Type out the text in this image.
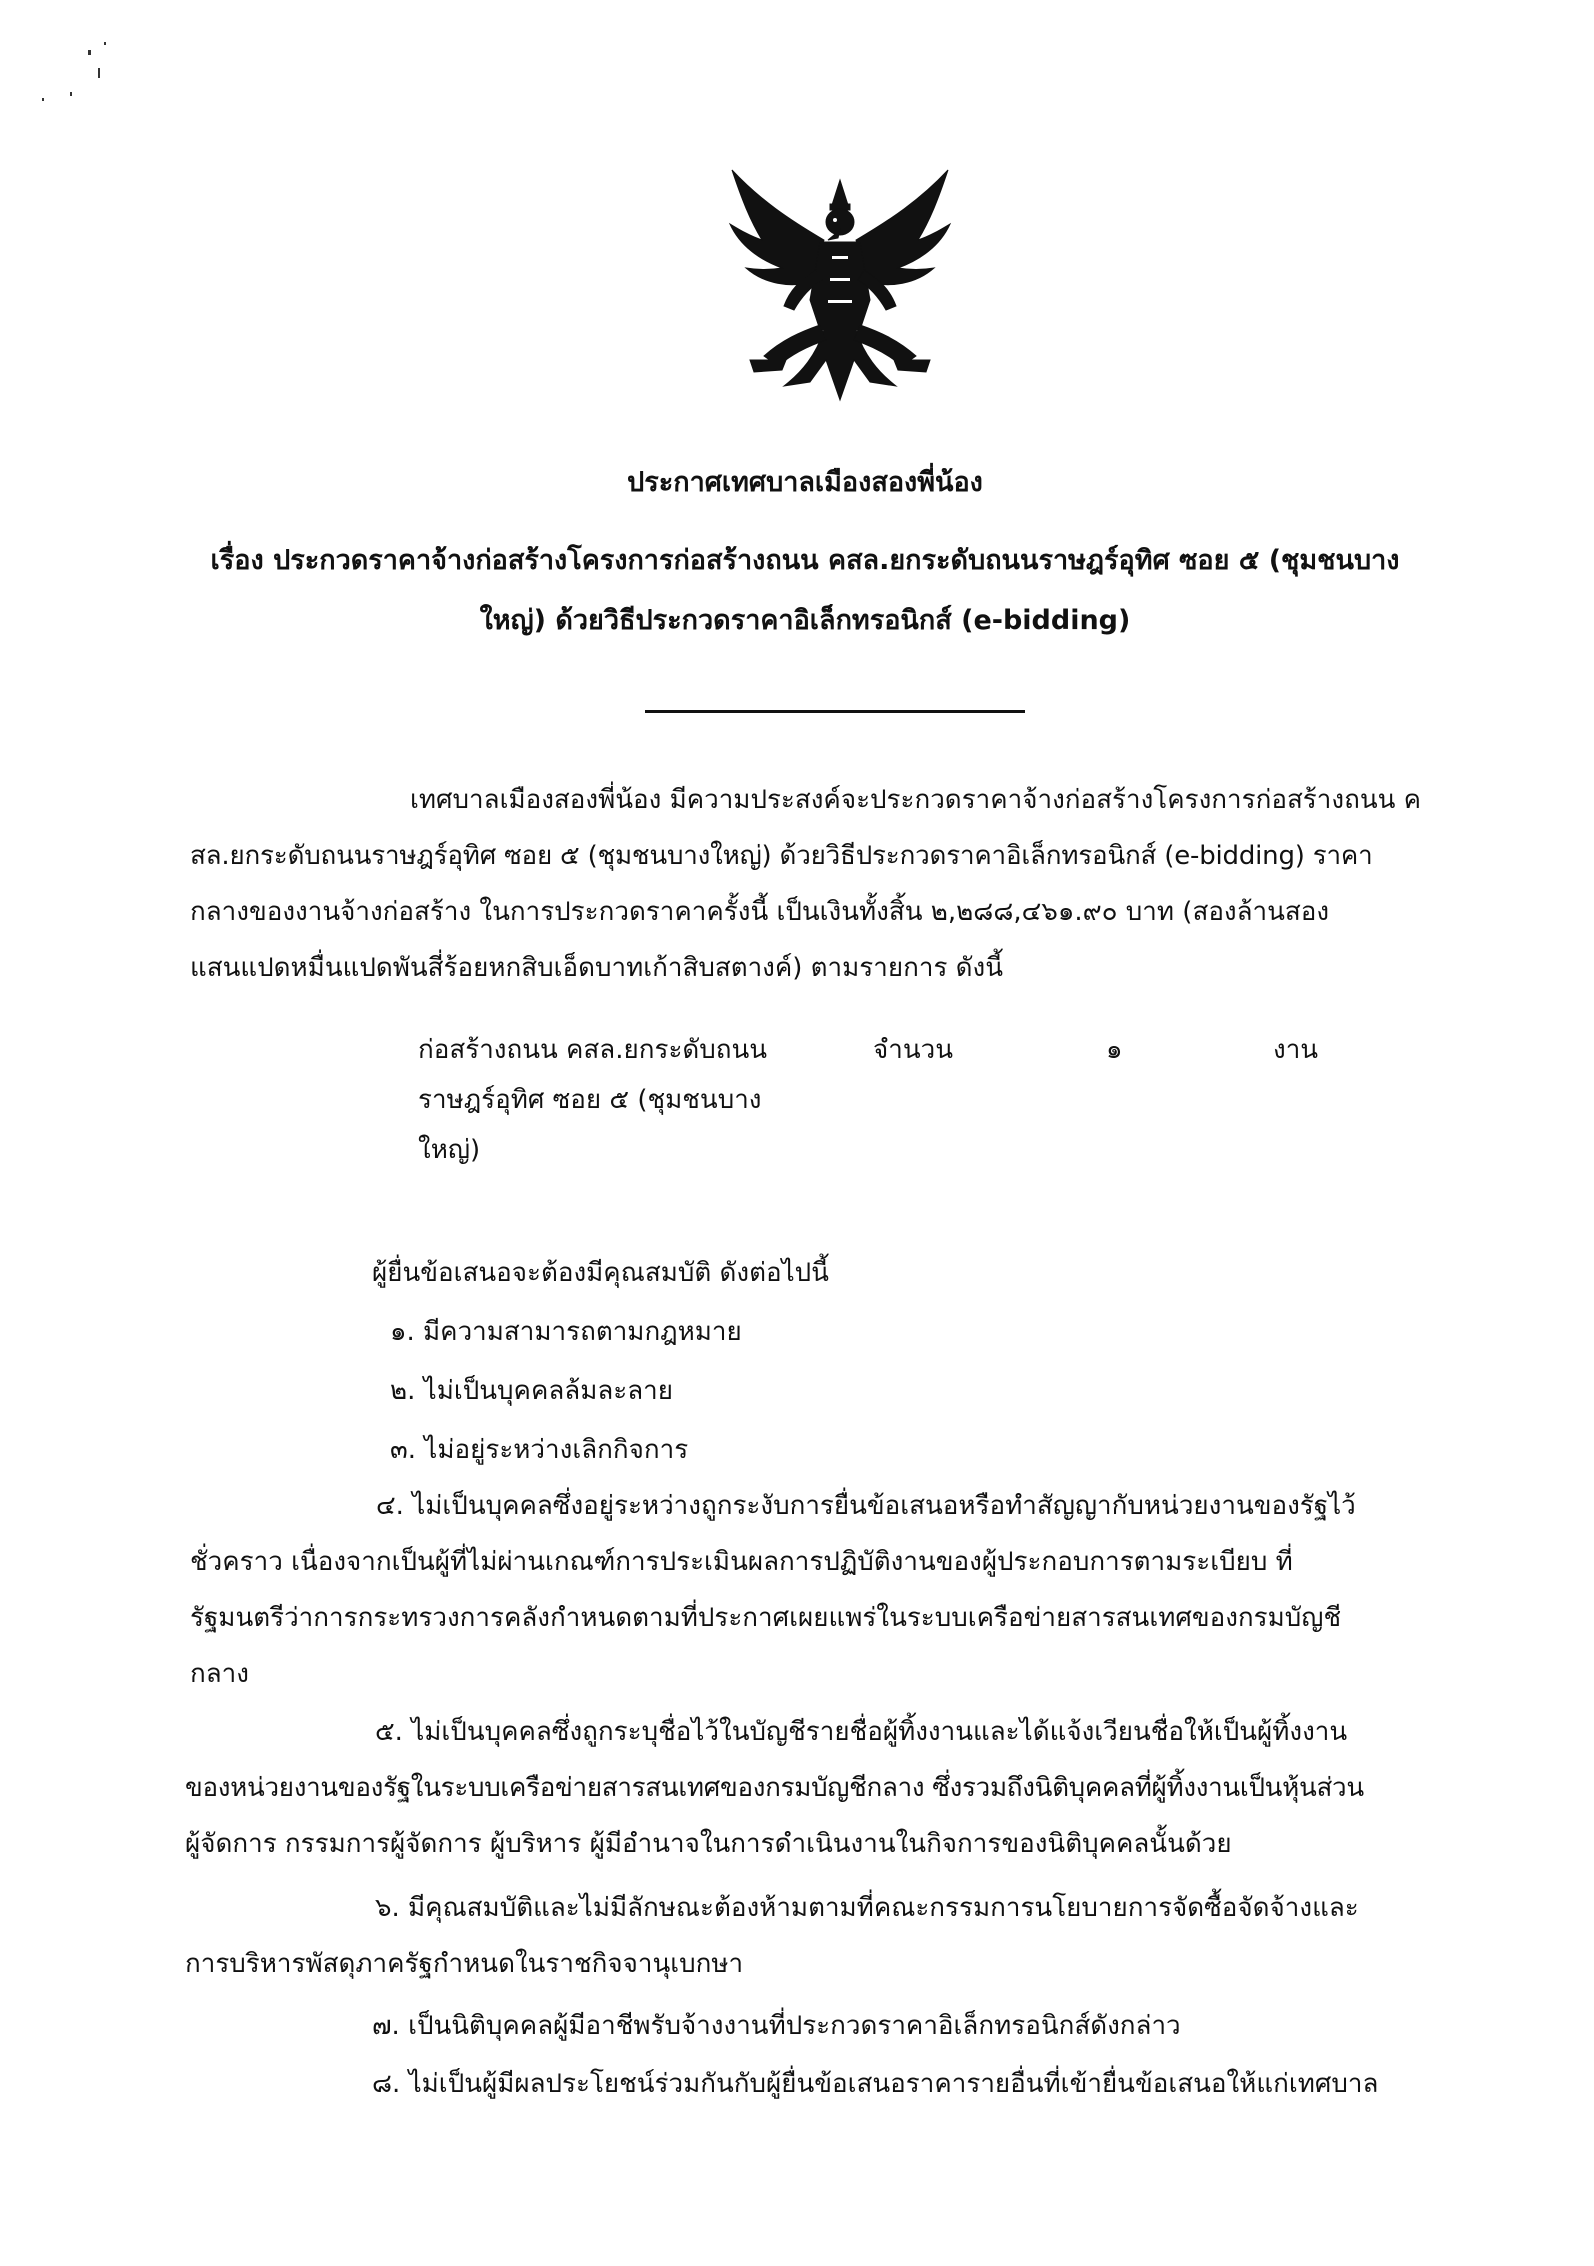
ประกาศเทศบาลเมืองสองพี่น้อง
เรื่อง ประกวดราคาจ้างก่อสร้างโครงการก่อสร้างถนน คสล.ยกระดับถนนราษฎร์อุทิศ ซอย ๕ (ชุมชนบาง
ใหญ่) ด้วยวิธีประกวดราคาอิเล็กทรอนิกส์ (e-bidding)
เทศบาลเมืองสองพี่น้อง มีความประสงค์จะประกวดราคาจ้างก่อสร้างโครงการก่อสร้างถนน ค
สล.ยกระดับถนนราษฎร์อุทิศ ซอย ๕ (ชุมชนบางใหญ่) ด้วยวิธีประกวดราคาอิเล็กทรอนิกส์ (e-bidding) ราคา
กลางของงานจ้างก่อสร้าง ในการประกวดราคาครั้งนี้ เป็นเงินทั้งสิ้น ๒,๒๘๘,๔๖๑.๙๐ บาท (สองล้านสอง
แสนแปดหมื่นแปดพันสี่ร้อยหกสิบเอ็ดบาทเก้าสิบสตางค์) ตามรายการ ดังนี้
ก่อสร้างถนน คสล.ยกระดับถนน
ราษฎร์อุทิศ ซอย ๕ (ชุมชนบาง
ใหญ่)
จำนวน	๑	งาน
ผู้ยื่นข้อเสนอจะต้องมีคุณสมบัติ ดังต่อไปนี้
๑. มีความสามารถตามกฎหมาย
๒. ไม่เป็นบุคคลล้มละลาย
๓. ไม่อยู่ระหว่างเลิกกิจการ
๔. ไม่เป็นบุคคลซึ่งอยู่ระหว่างถูกระงับการยื่นข้อเสนอหรือทำสัญญากับหน่วยงานของรัฐไว้
ชั่วคราว เนื่องจากเป็นผู้ที่ไม่ผ่านเกณฑ์การประเมินผลการปฏิบัติงานของผู้ประกอบการตามระเบียบ ที่
รัฐมนตรีว่าการกระทรวงการคลังกำหนดตามที่ประกาศเผยแพร่ในระบบเครือข่ายสารสนเทศของกรมบัญชี
กลาง
๕. ไม่เป็นบุคคลซึ่งถูกระบุชื่อไว้ในบัญชีรายชื่อผู้ทิ้งงานและได้แจ้งเวียนชื่อให้เป็นผู้ทิ้งงาน
ของหน่วยงานของรัฐในระบบเครือข่ายสารสนเทศของกรมบัญชีกลาง ซึ่งรวมถึงนิติบุคคลที่ผู้ทิ้งงานเป็นหุ้นส่วน
ผู้จัดการ กรรมการผู้จัดการ ผู้บริหาร ผู้มีอำนาจในการดำเนินงานในกิจการของนิติบุคคลนั้นด้วย
๖. มีคุณสมบัติและไม่มีลักษณะต้องห้ามตามที่คณะกรรมการนโยบายการจัดซื้อจัดจ้างและ
การบริหารพัสดุภาครัฐกำหนดในราชกิจจานุเบกษา
๗. เป็นนิติบุคคลผู้มีอาชีพรับจ้างงานที่ประกวดราคาอิเล็กทรอนิกส์ดังกล่าว
๘. ไม่เป็นผู้มีผลประโยชน์ร่วมกันกับผู้ยื่นข้อเสนอราคารายอื่นที่เข้ายื่นข้อเสนอให้แก่เทศบาล
